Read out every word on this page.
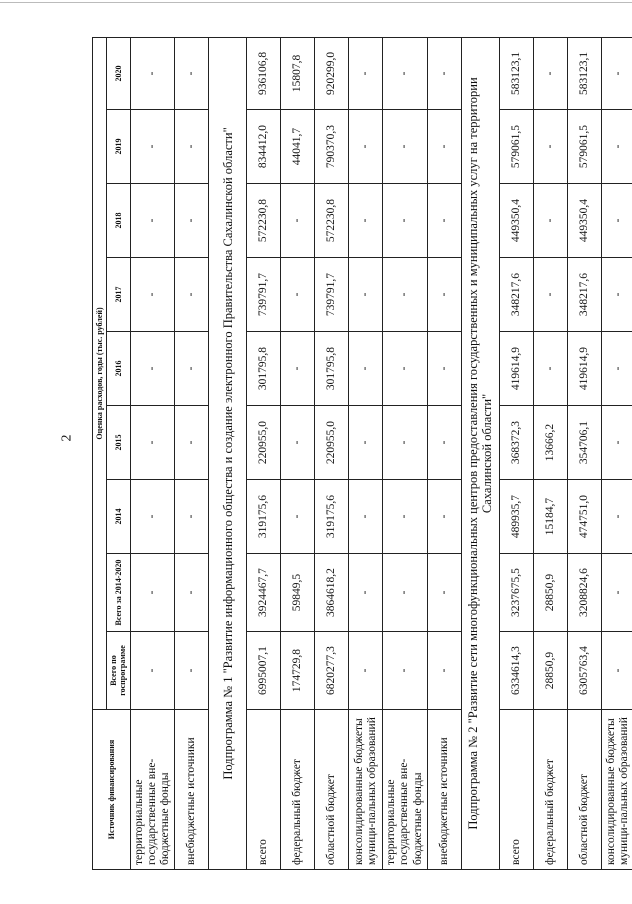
2
Источник финансирования	Оценка расходов, годы (тыс. рублей)								
	Всего по госпрограмме	Всего за 2014-2020	2014	2015	2016	2017	2018	2019	2020
территориальные государственные вне-бюджетные фонды	-	-	-	-	-	-	-	-	-
внебюджетные источники	-	-	-	-	-	-	-	-	-
Подпрограмма № 1 "Развитие информационного общества и создание электронного Правительства Сахалинской области"									
всего	6995007,1	3924467,7	319175,6	220955,0	301795,8	739791,7	572230,8	834412,0	936106,8
федеральный бюджет	174729,8	59849,5	-	-	-	-	-	44041,7	15807,8
областной бюджет	6820277,3	3864618,2	319175,6	220955,0	301795,8	739791,7	572230,8	790370,3	920299,0
консолидированные бюджеты муници-пальных образований	-	-	-	-	-	-	-	-	-
территориальные государственные вне-бюджетные фонды	-	-	-	-	-	-	-	-	-
внебюджетные источники	-	-	-	-	-	-	-	-	-
Подпрограмма № 2 "Развитие сети многофункциональных центров предоставления государственных и муниципальных услуг на территории Сахалинской области"									
всего	6334614,3	3237675,5	489935,7	368372,3	419614,9	348217,6	449350,4	579061,5	583123,1
федеральный бюджет	28850,9	28850,9	15184,7	13666,2	-	-	-	-	-
областной бюджет	6305763,4	3208824,6	474751,0	354706,1	419614,9	348217,6	449350,4	579061,5	583123,1
консолидированные бюджеты муници-пальных образований	-	-	-	-	-	-	-	-	-
